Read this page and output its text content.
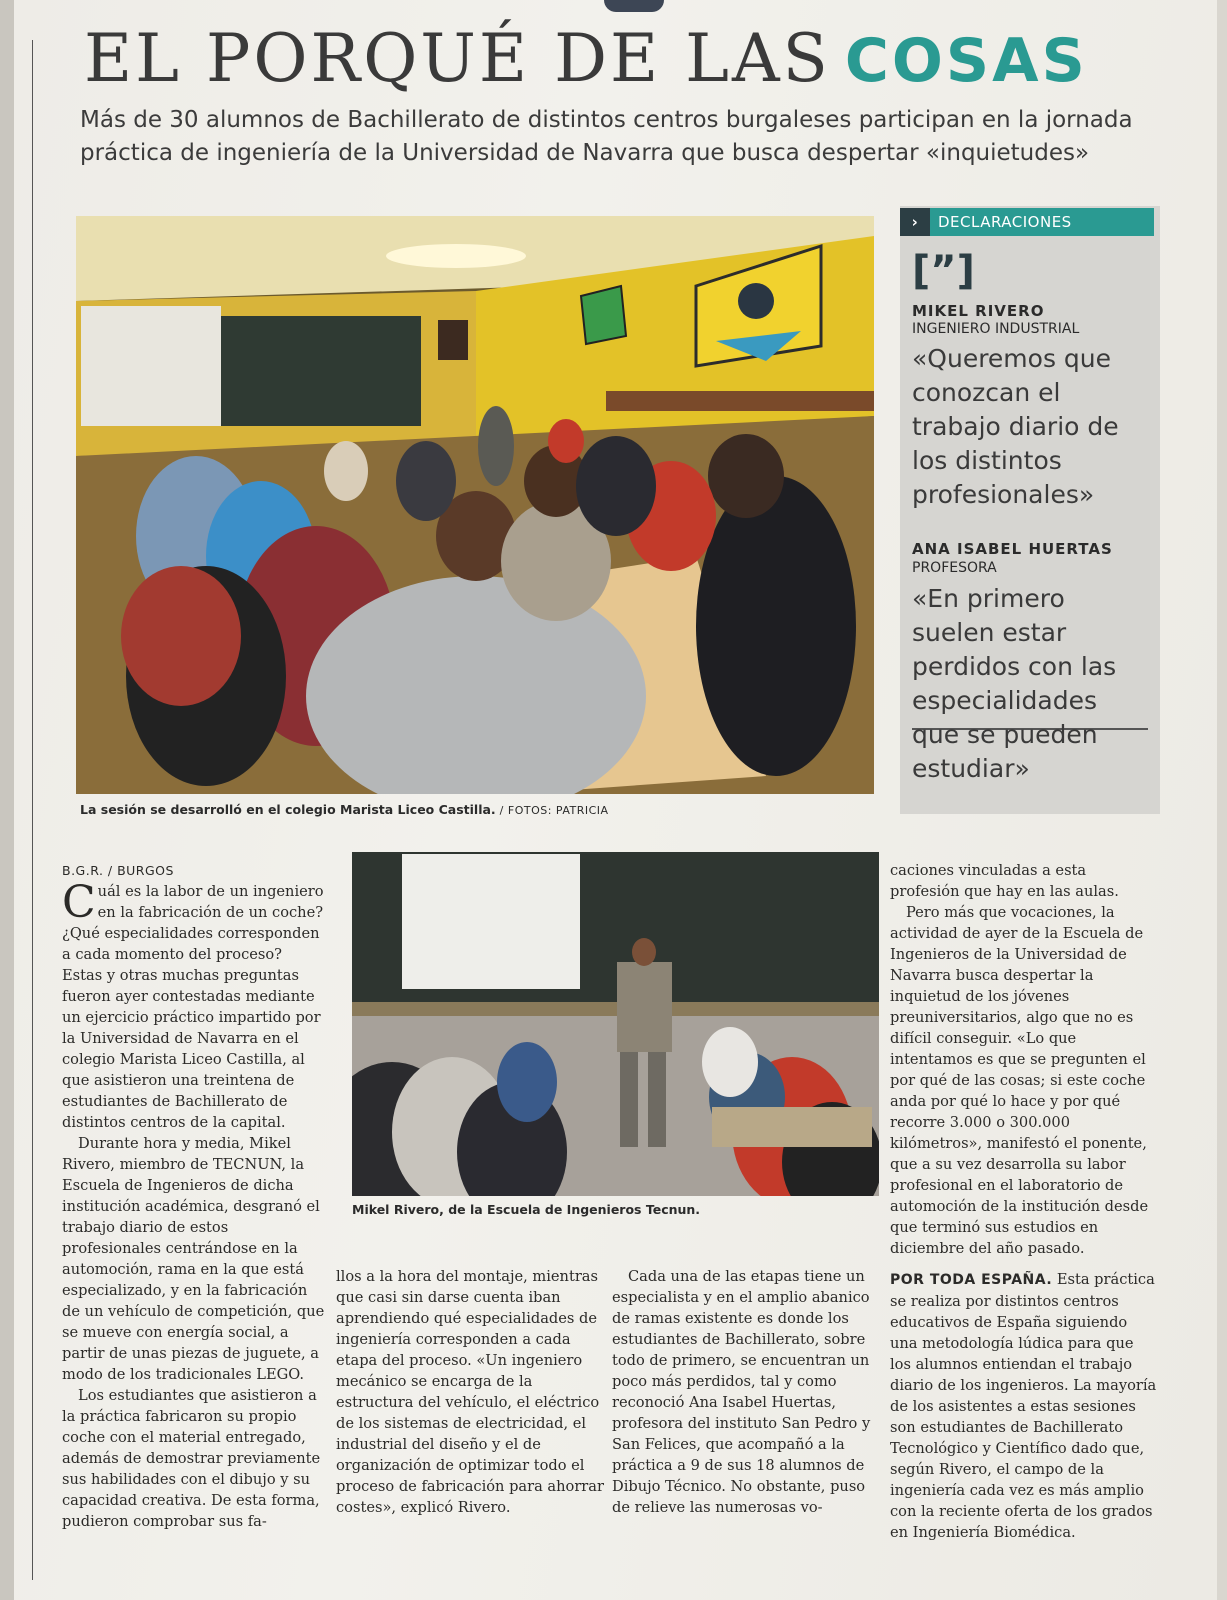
EL PORQUÉ DE LAS COSAS
Más de 30 alumnos de Bachillerato de distintos centros burgaleses participan en la jornada práctica de ingeniería de la Universidad de Navarra que busca despertar «inquietudes»
La sesión se desarrolló en el colegio Marista Liceo Castilla. / FOTOS: PATRICIA
›	DECLARACIONES
[”]
MIKEL RIVERO
INGENIERO INDUSTRIAL
«Queremos que conozcan el trabajo diario de los distintos profesionales»
ANA ISABEL HUERTAS
PROFESORA
«En primero suelen estar perdidos con las especialidades que se pueden estudiar»
Mikel Rivero, de la Escuela de Ingenieros Tecnun.
B.G.R. / BURGOS

Cuál es la labor de un ingeniero en la fabricación de un coche? ¿Qué especialidades corresponden a cada momento del proceso? Estas y otras muchas preguntas fueron ayer contestadas mediante un ejercicio práctico impartido por la Universidad de Navarra en el colegio Marista Liceo Castilla, al que asistieron una treintena de estudiantes de Bachillerato de distintos centros de la capital.

Durante hora y media, Mikel Rivero, miembro de TECNUN, la Escuela de Ingenieros de dicha institución académica, desgranó el trabajo diario de estos profesionales centrándose en la automoción, rama en la que está especializado, y en la fabricación de un vehículo de competición, que se mueve con energía social, a partir de unas piezas de juguete, a modo de los tradicionales LEGO.

Los estudiantes que asistieron a la práctica fabricaron su propio coche con el material entregado, además de demostrar previamente sus habilidades con el dibujo y su capacidad creativa. De esta forma, pudieron comprobar sus fa-

llos a la hora del montaje, mientras que casi sin darse cuenta iban aprendiendo qué especialidades de ingeniería corresponden a cada etapa del proceso. «Un ingeniero mecánico se encarga de la estructura del vehículo, el eléctrico de los sistemas de electricidad, el industrial del diseño y el de organización de optimizar todo el proceso de fabricación para ahorrar costes», explicó Rivero.

Cada una de las etapas tiene un especialista y en el amplio abanico de ramas existente es donde los estudiantes de Bachillerato, sobre todo de primero, se encuentran un poco más perdidos, tal y como reconoció Ana Isabel Huertas, profesora del instituto San Pedro y San Felices, que acompañó a la práctica a 9 de sus 18 alumnos de Dibujo Técnico. No obstante, puso de relieve las numerosas vo-

caciones vinculadas a esta profesión que hay en las aulas.

Pero más que vocaciones, la actividad de ayer de la Escuela de Ingenieros de la Universidad de Navarra busca despertar la inquietud de los jóvenes preuniversitarios, algo que no es difícil conseguir. «Lo que intentamos es que se pregunten el por qué de las cosas; si este coche anda por qué lo hace y por qué recorre 3.000 o 300.000 kilómetros», manifestó el ponente, que a su vez desarrolla su labor profesional en el laboratorio de automoción de la institución desde que terminó sus estudios en diciembre del año pasado.

POR TODA ESPAÑA. Esta práctica se realiza por distintos centros educativos de España siguiendo una metodología lúdica para que los alumnos entiendan el trabajo diario de los ingenieros. La mayoría de los asistentes a estas sesiones son estudiantes de Bachillerato Tecnológico y Científico dado que, según Rivero, el campo de la ingeniería cada vez es más amplio con la reciente oferta de los grados en Ingeniería Biomédica.
